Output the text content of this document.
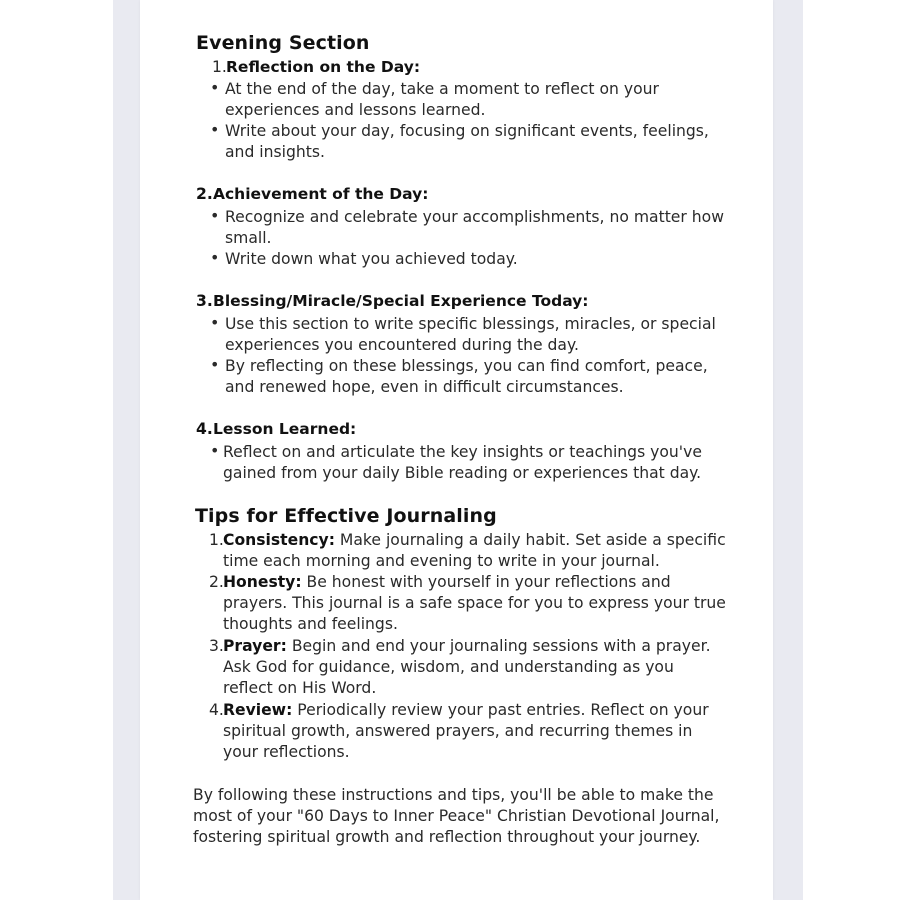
Evening Section
1. Reflection on the Day:
• At the end of the day, take a moment to reflect on your
experiences and lessons learned.
• Write about your day, focusing on significant events, feelings,
and insights.
2. Achievement of the Day:
• Recognize and celebrate your accomplishments, no matter how
small.
• Write down what you achieved today.
3. Blessing/Miracle/Special Experience Today:
• Use this section to write specific blessings, miracles, or special
experiences you encountered during the day.
• By reflecting on these blessings, you can find comfort, peace,
and renewed hope, even in difficult circumstances.
4. Lesson Learned:
• Reflect on and articulate the key insights or teachings you've
gained from your daily Bible reading or experiences that day.
Tips for Effective Journaling
1. Consistency: Make journaling a daily habit. Set aside a specific
time each morning and evening to write in your journal.
2. Honesty: Be honest with yourself in your reflections and
prayers. This journal is a safe space for you to express your true
thoughts and feelings.
3. Prayer: Begin and end your journaling sessions with a prayer.
Ask God for guidance, wisdom, and understanding as you
reflect on His Word.
4. Review: Periodically review your past entries. Reflect on your
spiritual growth, answered prayers, and recurring themes in
your reflections.
By following these instructions and tips, you'll be able to make the
most of your "60 Days to Inner Peace" Christian Devotional Journal,
fostering spiritual growth and reflection throughout your journey.
